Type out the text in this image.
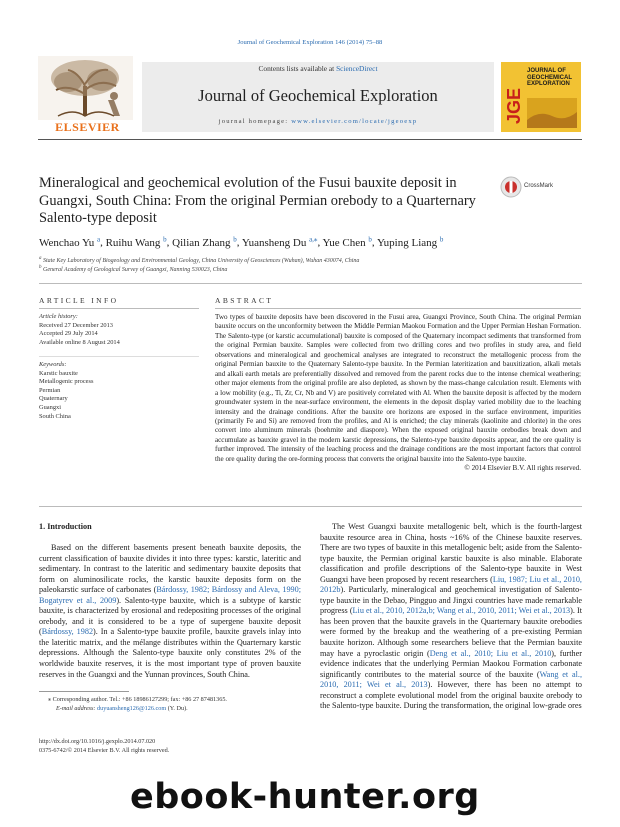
Journal of Geochemical Exploration 146 (2014) 75–88
ELSEVIER
Contents lists available at ScienceDirect
Journal of Geochemical Exploration
journal homepage: www.elsevier.com/locate/jgeoexp	JGE
JOURNAL OF GEOCHEMICAL EXPLORATION
Mineralogical and geochemical evolution of the Fusui bauxite deposit in Guangxi, South China: From the original Permian orebody to a Quarternary Salento-type deposit
CrossMark
Wenchao Yu $^a$, Ruihu Wang $^b$, Qilian Zhang $^b$, Yuansheng Du $^{a,⁎}$, Yue Chen $^b$, Yuping Liang $^b$
$^a$ State Key Laboratory of Biogeology and Environmental Geology, China University of Geosciences (Wuhan), Wuhan 430074, China
$^b$ General Academy of Geological Survey of Guangxi, Nanning 530023, China
ARTICLE INFO
Article history:
Received 27 December 2013
Accepted 29 July 2014
Available online 8 August 2014
Keywords:
Karstic bauxite
Metallogenic process
Permian
Quaternary
Guangxi
South China
ABSTRACT
Two types of bauxite deposits have been discovered in the Fusui area, Guangxi Province, South China. The original Permian bauxite occurs on the unconformity between the Middle Permian Maokou Formation and the Upper Permian Heshan Formation. The Salento-type (or karstic accumulational) bauxite is composed of the Quaternary incompact sediments that transformed from the original Permian bauxite. Samples were collected from two drilling cores and two profiles in study area, and field observations and mineralogical and geochemical analyses are integrated to reconstruct the metallogenic process from the original Permian bauxite to the Quaternary Salento-type bauxite. In the Permian lateritization and bauxitization, alkali metals and alkali earth metals are preferentially dissolved and removed from the parent rocks due to the intense chemical weathering; other major elements from the original profile are also depleted, as shown by the mass-change calculation result. Elements with a low mobility (e.g., Ti, Zr, Cr, Nb and V) are positively correlated with Al. When the bauxite deposit is affected by the modern groundwater system in the near-surface environment, the elements in the deposit display varied mobility due to the leaching intensity and the drainage conditions. After the bauxite ore horizons are exposed in the surface environment, impurities (primarily Fe and Si) are removed from the profiles, and Al is enriched; the clay minerals (kaolinite and chlorite) in the ores convert into aluminum minerals (boehmite and diaspore). When the exposed original bauxite orebodies break down and accumulate as bauxite gravel in the modern karstic depressions, the Salento-type bauxite deposits appear, and the ore quality is further improved. The intensity of the leaching process and the drainage conditions are the most important factors that control the ore quality during the ore-forming process that converts the original bauxite into the Salento-type bauxite.
© 2014 Elsevier B.V. All rights reserved.
1. Introduction
Based on the different basements present beneath bauxite deposits, the current classification of bauxite divides it into three types: karstic, lateritic and sedimentary. In contrast to the lateritic and sedimentary bauxite deposits that form on aluminosilicate rocks, the karstic bauxite deposits form on the paleokarstic surface of carbonates (Bárdossy, 1982; Bárdossy and Aleva, 1990; Bogatyrev et al., 2009). Salento-type bauxite, which is a subtype of karstic bauxite, is characterized by erosional and redepositing processes of the original orebody, and it is considered to be a type of supergene bauxite deposit (Bárdossy, 1982). In a Salento-type bauxite profile, bauxite gravels inlay into the lateritic matrix, and the mélange distributes within the Quarternary karstic depressions. Although the Salento-type bauxite only constitutes 2% of the worldwide bauxite reserves, it is the most important type of proven bauxite reserves in the Guangxi and the Yunnan provinces, South China.
The West Guangxi bauxite metallogenic belt, which is the fourth-largest bauxite resource area in China, hosts ~16% of the Chinese bauxite reserves. There are two types of bauxite in this metallogenic belt; aside from the Salento-type bauxite, the Permian original karstic bauxite is also minable. Elaborate classification and profile descriptions of the Salento-type bauxite in West Guangxi have been proposed by recent researchers (Liu, 1987; Liu et al., 2010, 2012b). Particularly, mineralogical and geochemical investigation of Salento-type bauxite in the Debao, Pingguo and Jingxi countries have made remarkable progress (Liu et al., 2010, 2012a,b; Wang et al., 2010, 2011; Wei et al., 2013). It has been proven that the bauxite gravels in the Quarternary bauxite orebodies were formed by the breakup and the weathering of a pre-existing Permian bauxite horizon. Although some researchers believe that the Permian bauxite may have a pyroclastic origin (Deng et al., 2010; Liu et al., 2010), further evidence indicates that the underlying Permian Maokou Formation carbonate significantly contributes to the material source of the bauxite (Wang et al., 2010, 2011; Wei et al., 2013). However, there has been no attempt to reconstruct a complete evolutional model from the original bauxite orebody to the Salento-type bauxite. During the transformation, the original low-grade ores
⁎ Corresponding author. Tel.: +86 18986127299; fax: +86 27 87481365.
E-mail address: duyuansheng126@126.com (Y. Du).
http://dx.doi.org/10.1016/j.gexplo.2014.07.020
0375-6742/© 2014 Elsevier B.V. All rights reserved.
ebook-hunter.org
